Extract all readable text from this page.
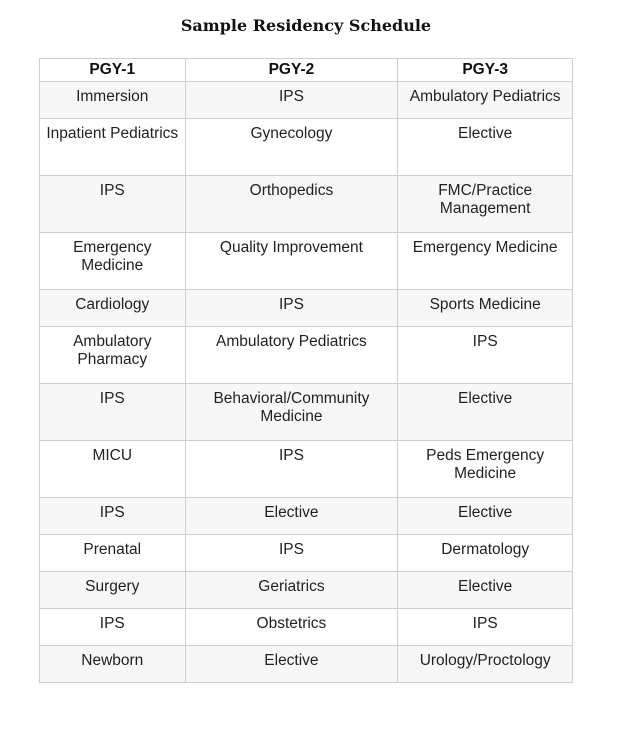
Sample Residency Schedule
PGY-1	PGY-2	PGY-3
Immersion	IPS	Ambulatory Pediatrics
Inpatient Pediatrics	Gynecology	Elective
IPS	Orthopedics	FMC/Practice Management
Emergency Medicine	Quality Improvement	Emergency Medicine
Cardiology	IPS	Sports Medicine
Ambulatory Pharmacy	Ambulatory Pediatrics	IPS
IPS	Behavioral/Community Medicine	Elective
MICU	IPS	Peds Emergency Medicine
IPS	Elective	Elective
Prenatal	IPS	Dermatology
Surgery	Geriatrics	Elective
IPS	Obstetrics	IPS
Newborn	Elective	Urology/Proctology
